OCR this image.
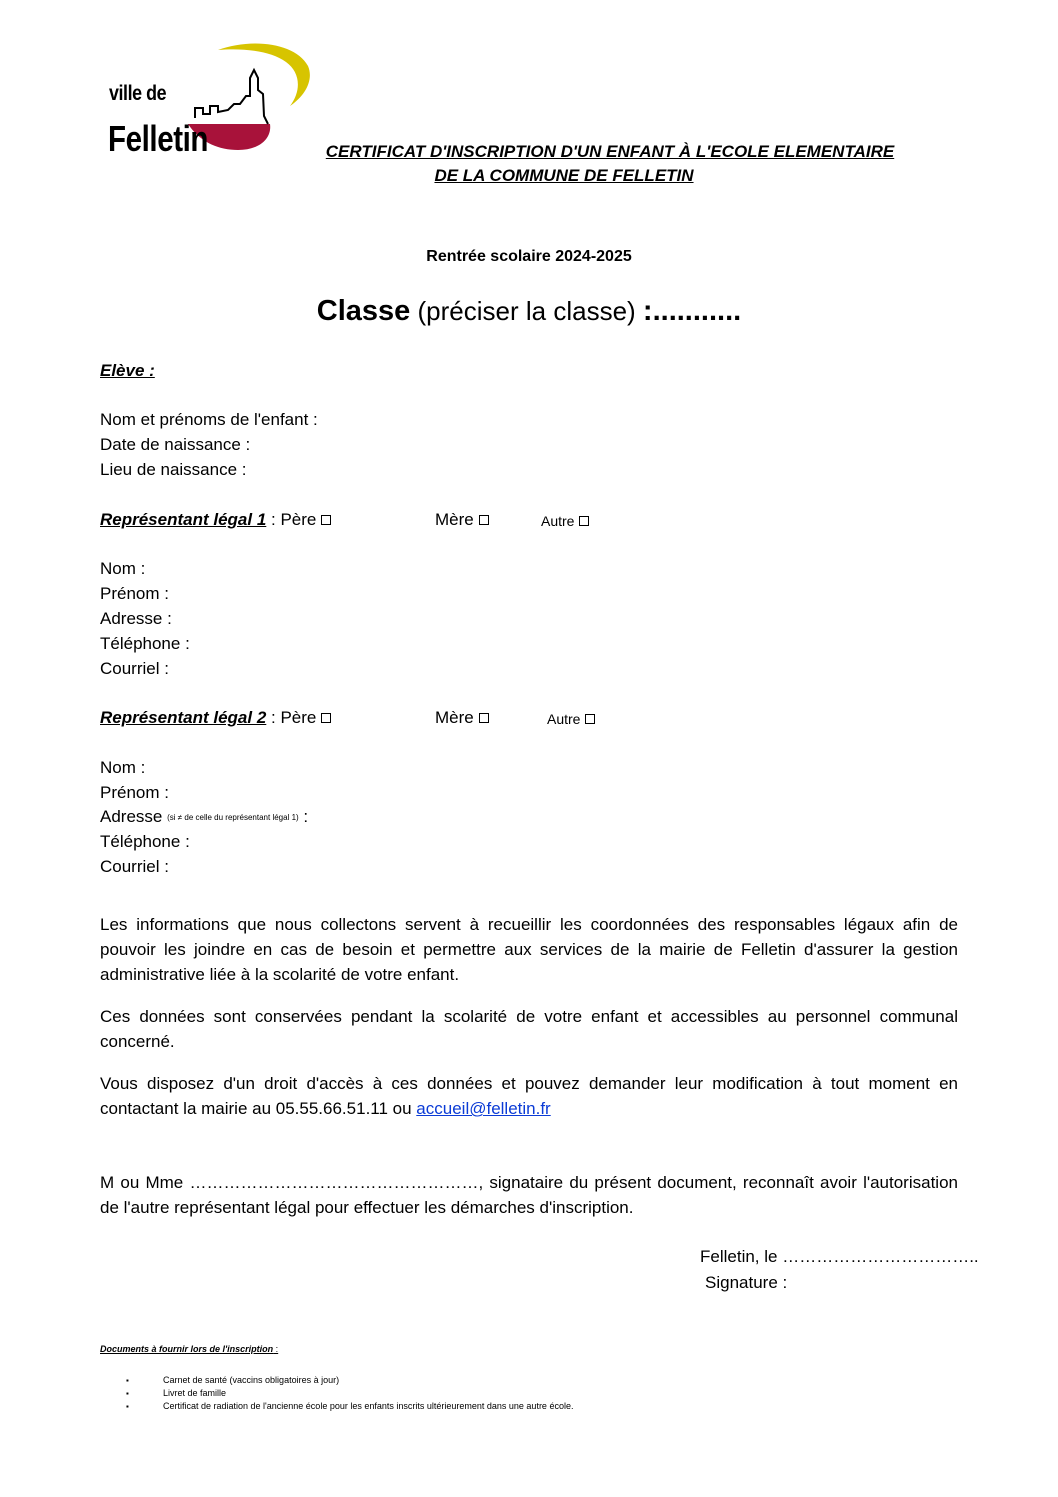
ville de
Felletin	CERTIFICAT D'INSCRIPTION D'UN ENFANT À L'ECOLE ELEMENTAIRE
DE LA COMMUNE DE FELLETIN
Rentrée scolaire 2024-2025
Classe (préciser la classe) :...........
Elève :
Nom et prénoms de l'enfant :
Date de naissance :
Lieu de naissance :
Représentant légal 1 : Père	Mère	Autre
Nom :
Prénom :
Adresse :
Téléphone :
Courriel :
Représentant légal 2 : Père	Mère	Autre
Nom :
Prénom :
Adresse (si ≠ de celle du représentant légal 1) :
Téléphone :
Courriel :
Les informations que nous collectons servent à recueillir les coordonnées des responsables légaux afin de pouvoir les joindre en cas de besoin et permettre aux services de la mairie de Felletin d'assurer la gestion administrative liée à la scolarité de votre enfant.
Ces données sont conservées pendant la scolarité de votre enfant et accessibles au personnel communal concerné.
Vous disposez d'un droit d'accès à ces données et pouvez demander leur modification à tout moment en contactant la mairie au 05.55.66.51.11 ou accueil@felletin.fr
M ou Mme ……………………………………………, signataire du présent document, reconnaît avoir l'autorisation de l'autre représentant légal pour effectuer les démarches d'inscription.
Felletin, le ……………………………..
Signature :
Documents à fournir lors de l'inscription :
▪ Carnet de santé (vaccins obligatoires à jour)
▪ Livret de famille
▪ Certificat de radiation de l'ancienne école pour les enfants inscrits ultérieurement dans une autre école.
